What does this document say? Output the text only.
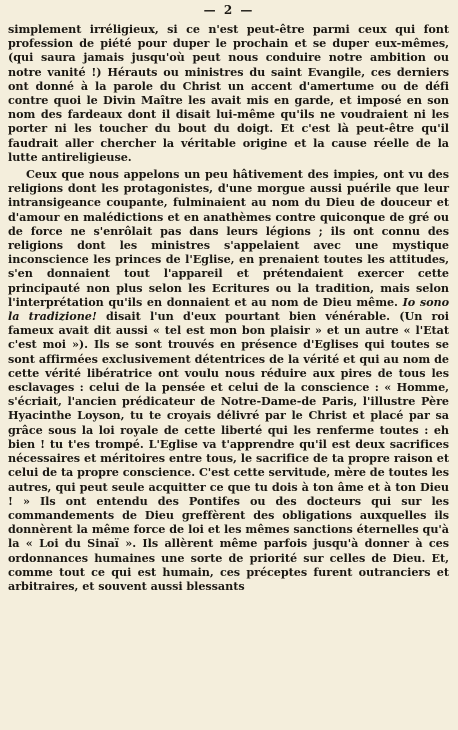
— 2 —

simplement irréligieux, si ce n'est peut-être parmi ceux qui font profession de piété pour duper le prochain et se duper eux-mêmes, (qui saura jamais jusqu'où peut nous conduire notre ambition ou notre vanité !) Hérauts ou ministres du saint Evangile, ces derniers ont donné à la parole du Christ un accent d'amertume ou de défi contre quoi le Divin Maître les avait mis en garde, et imposé en son nom des fardeaux dont il disait lui-même qu'ils ne voudraient ni les porter ni les toucher du bout du doigt. Et c'est là peut-être qu'il faudrait aller chercher la véritable origine et la cause réelle de la lutte antireligieuse.

Ceux que nous appelons un peu hâtivement des impies, ont vu des religions dont les protagonistes, d'une morgue aussi puérile que leur intransigeance coupante, fulminaient au nom du Dieu de douceur et d'amour en malédictions et en anathèmes contre quiconque de gré ou de force ne s'enrôlait pas dans leurs légions ; ils ont connu des religions dont les ministres s'appelaient avec une mystique inconscience les princes de l'Eglise, en prenaient toutes les attitudes, s'en donnaient tout l'appareil et prétendaient exercer cette principauté non plus selon les Ecritures ou la tradition, mais selon l'interprétation qu'ils en donnaient et au nom de Dieu même. Io sono la tradizione! disait l'un d'eux pourtant bien vénérable. (Un roi fameux avait dit aussi « tel est mon bon plaisir » et un autre « l'Etat c'est moi »). Ils se sont trouvés en présence d'Eglises qui toutes se sont affirmées exclusivement détentrices de la vérité et qui au nom de cette vérité libératrice ont voulu nous réduire aux pires de tous les esclavages : celui de la pensée et celui de la conscience : « Homme, s'écriait, l'ancien prédicateur de Notre-Dame-de Paris, l'illustre Père Hyacinthe Loyson, tu te croyais délivré par le Christ et placé par sa grâce sous la loi royale de cette liberté qui les renferme toutes : eh bien ! tu t'es trompé. L'Eglise va t'apprendre qu'il est deux sacrifices nécessaires et méritoires entre tous, le sacrifice de ta propre raison et celui de ta propre conscience. C'est cette servitude, mère de toutes les autres, qui peut seule acquitter ce que tu dois à ton âme et à ton Dieu ! » Ils ont entendu des Pontifes ou des docteurs qui sur les commandements de Dieu greffèrent des obligations auxquelles ils donnèrent la même force de loi et les mêmes sanctions éternelles qu'à la « Loi du Sinaï ». Ils allèrent même parfois jusqu'à donner à ces ordonnances humaines une sorte de priorité sur celles de Dieu. Et, comme tout ce qui est humain, ces préceptes furent outranciers et arbitraires, et souvent aussi blessants
